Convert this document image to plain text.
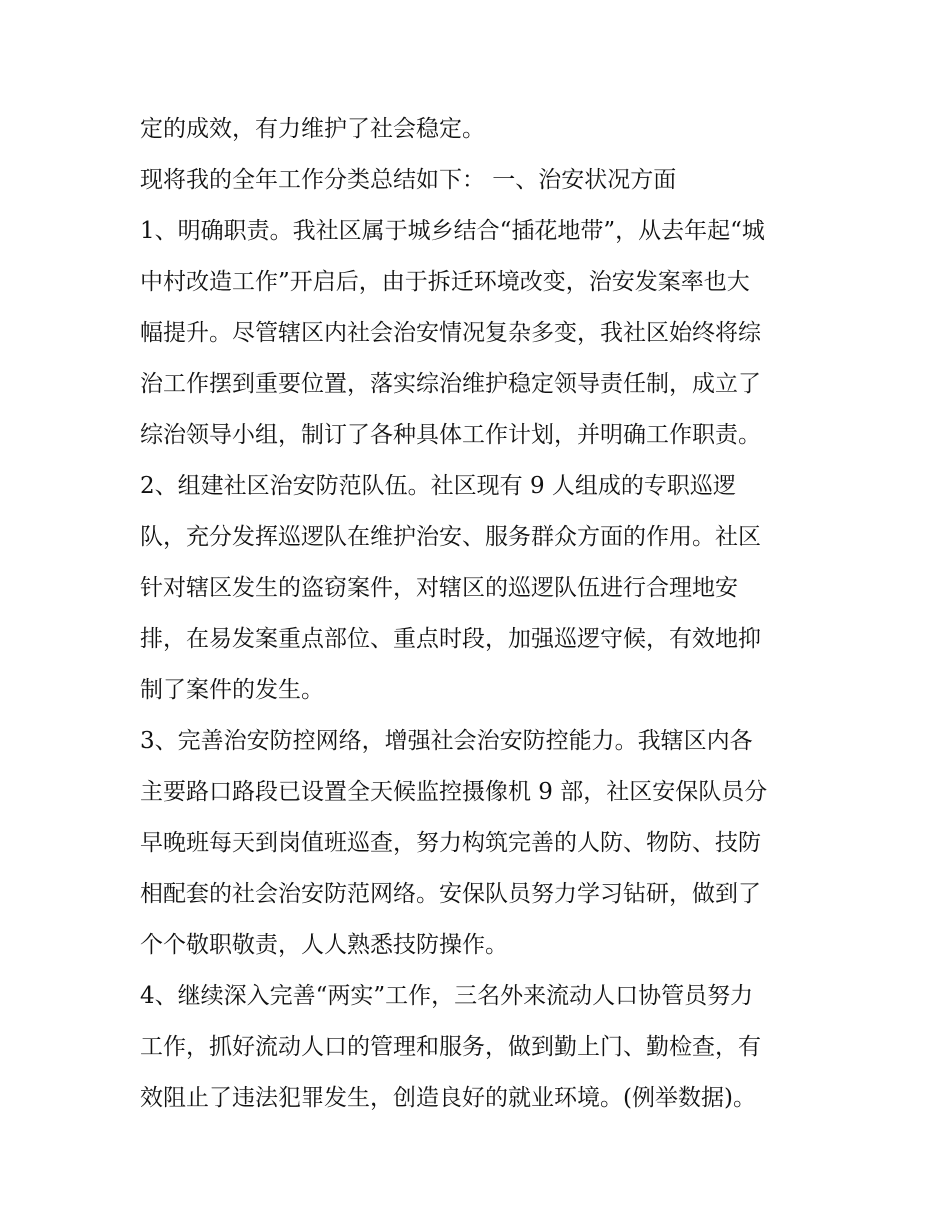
定的成效，有力维护了社会稳定。
现将我的全年工作分类总结如下： 一、治安状况方面
1、明确职责。我社区属于城乡结合“插花地带”，从去年起“城
中村改造工作”开启后，由于拆迁环境改变，治安发案率也大
幅提升。尽管辖区内社会治安情况复杂多变，我社区始终将综
治工作摆到重要位置，落实综治维护稳定领导责任制，成立了
综治领导小组，制订了各种具体工作计划，并明确工作职责。
2、组建社区治安防范队伍。社区现有 9 人组成的专职巡逻
队，充分发挥巡逻队在维护治安、服务群众方面的作用。社区
针对辖区发生的盗窃案件，对辖区的巡逻队伍进行合理地安
排，在易发案重点部位、重点时段，加强巡逻守候，有效地抑
制了案件的发生。
3、完善治安防控网络，增强社会治安防控能力。我辖区内各
主要路口路段已设置全天候监控摄像机 9 部，社区安保队员分
早晚班每天到岗值班巡查，努力构筑完善的人防、物防、技防
相配套的社会治安防范网络。安保队员努力学习钻研，做到了
个个敬职敬责，人人熟悉技防操作。
4、继续深入完善“两实”工作，三名外来流动人口协管员努力
工作，抓好流动人口的管理和服务，做到勤上门、勤检查，有
效阻止了违法犯罪发生，创造良好的就业环境。(例举数据)。
